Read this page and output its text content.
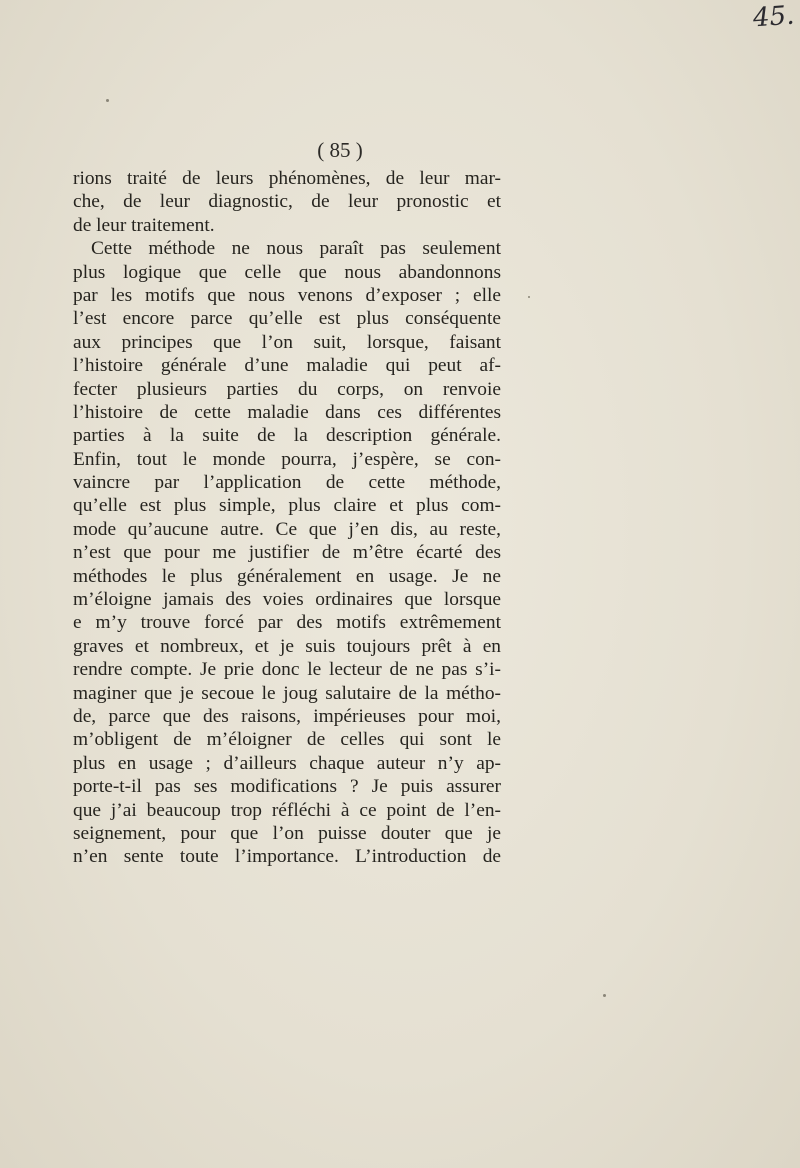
45.
( 85 )
rions traité de leurs phénomènes, de leur mar-
che, de leur diagnostic, de leur pronostic et
de leur traitement.
Cette méthode ne nous paraît pas seulement
plus logique que celle que nous abandonnons
par les motifs que nous venons d’exposer ; elle
l’est encore parce qu’elle est plus conséquente
aux principes que l’on suit, lorsque, faisant
l’histoire générale d’une maladie qui peut af-
fecter plusieurs parties du corps, on renvoie
l’histoire de cette maladie dans ces différentes
parties à la suite de la description générale.
Enfin, tout le monde pourra, j’espère, se con-
vaincre par l’application de cette méthode,
qu’elle est plus simple, plus claire et plus com-
mode qu’aucune autre. Ce que j’en dis, au reste,
n’est que pour me justifier de m’être écarté des
méthodes le plus généralement en usage. Je ne
m’éloigne jamais des voies ordinaires que lorsque
e m’y trouve forcé par des motifs extrêmement
graves et nombreux, et je suis toujours prêt à en
rendre compte. Je prie donc le lecteur de ne pas s’i-
maginer que je secoue le joug salutaire de la métho-
de, parce que des raisons, impérieuses pour moi,
m’obligent de m’éloigner de celles qui sont le
plus en usage ; d’ailleurs chaque auteur n’y ap-
porte-t-il pas ses modifications ? Je puis assurer
que j’ai beaucoup trop réfléchi à ce point de l’en-
seignement, pour que l’on puisse douter que je
n’en sente toute l’importance. L’introduction de
